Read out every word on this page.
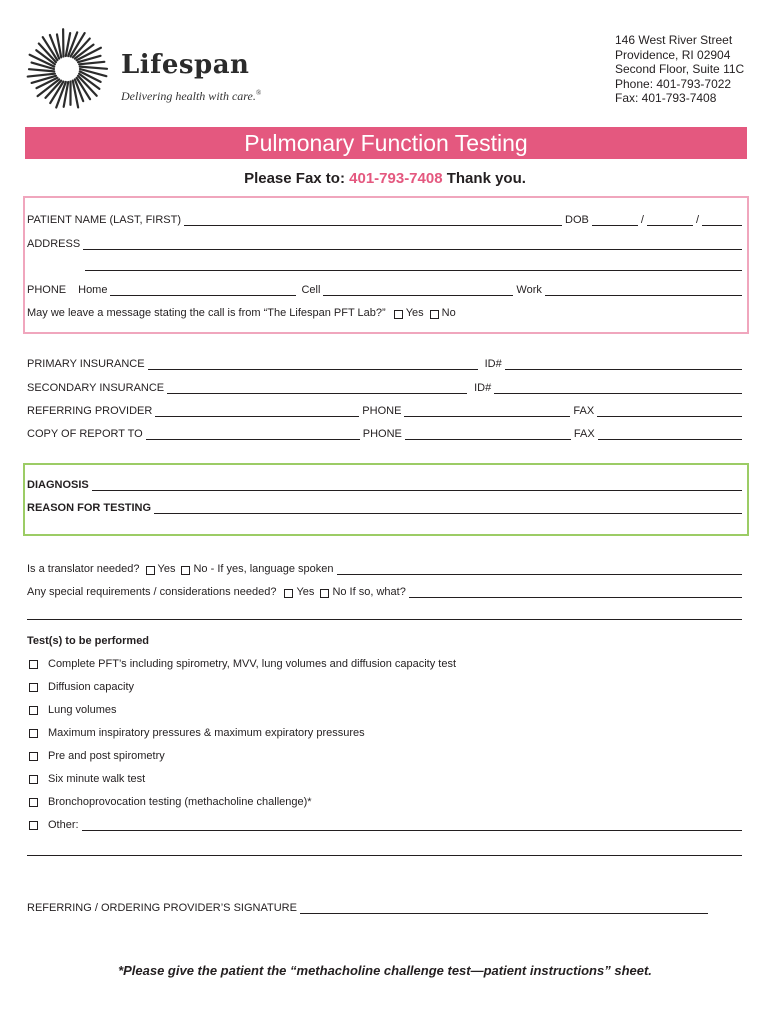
Lifespan
Delivering health with care.®
146 West River Street
Providence, RI 02904
Second Floor, Suite 11C
Phone: 401-793-7022
Fax: 401-793-7408
Pulmonary Function Testing
Please Fax to: 401-793-7408 Thank you.
PATIENT NAME (LAST, FIRST)	DOB	/	/
ADDRESS
PHONE Home	Cell	Work
May we leave a message stating the call is from “The Lifespan PFT Lab?” Yes No
PRIMARY INSURANCE	ID#
SECONDARY INSURANCE	ID#
REFERRING PROVIDER	PHONE	FAX
COPY OF REPORT TO	PHONE	FAX
DIAGNOSIS
REASON FOR TESTING
Is a translator needed? Yes No - If yes, language spoken
Any special requirements / considerations needed? Yes No If so, what?
Test(s) to be performed
Complete PFT’s including spirometry, MVV, lung volumes and diffusion capacity test
Diffusion capacity
Lung volumes
Maximum inspiratory pressures & maximum expiratory pressures
Pre and post spirometry
Six minute walk test
Bronchoprovocation testing (methacholine challenge)*
Other:
REFERRING / ORDERING PROVIDER’S SIGNATURE
*Please give the patient the “methacholine challenge test—patient instructions” sheet.
